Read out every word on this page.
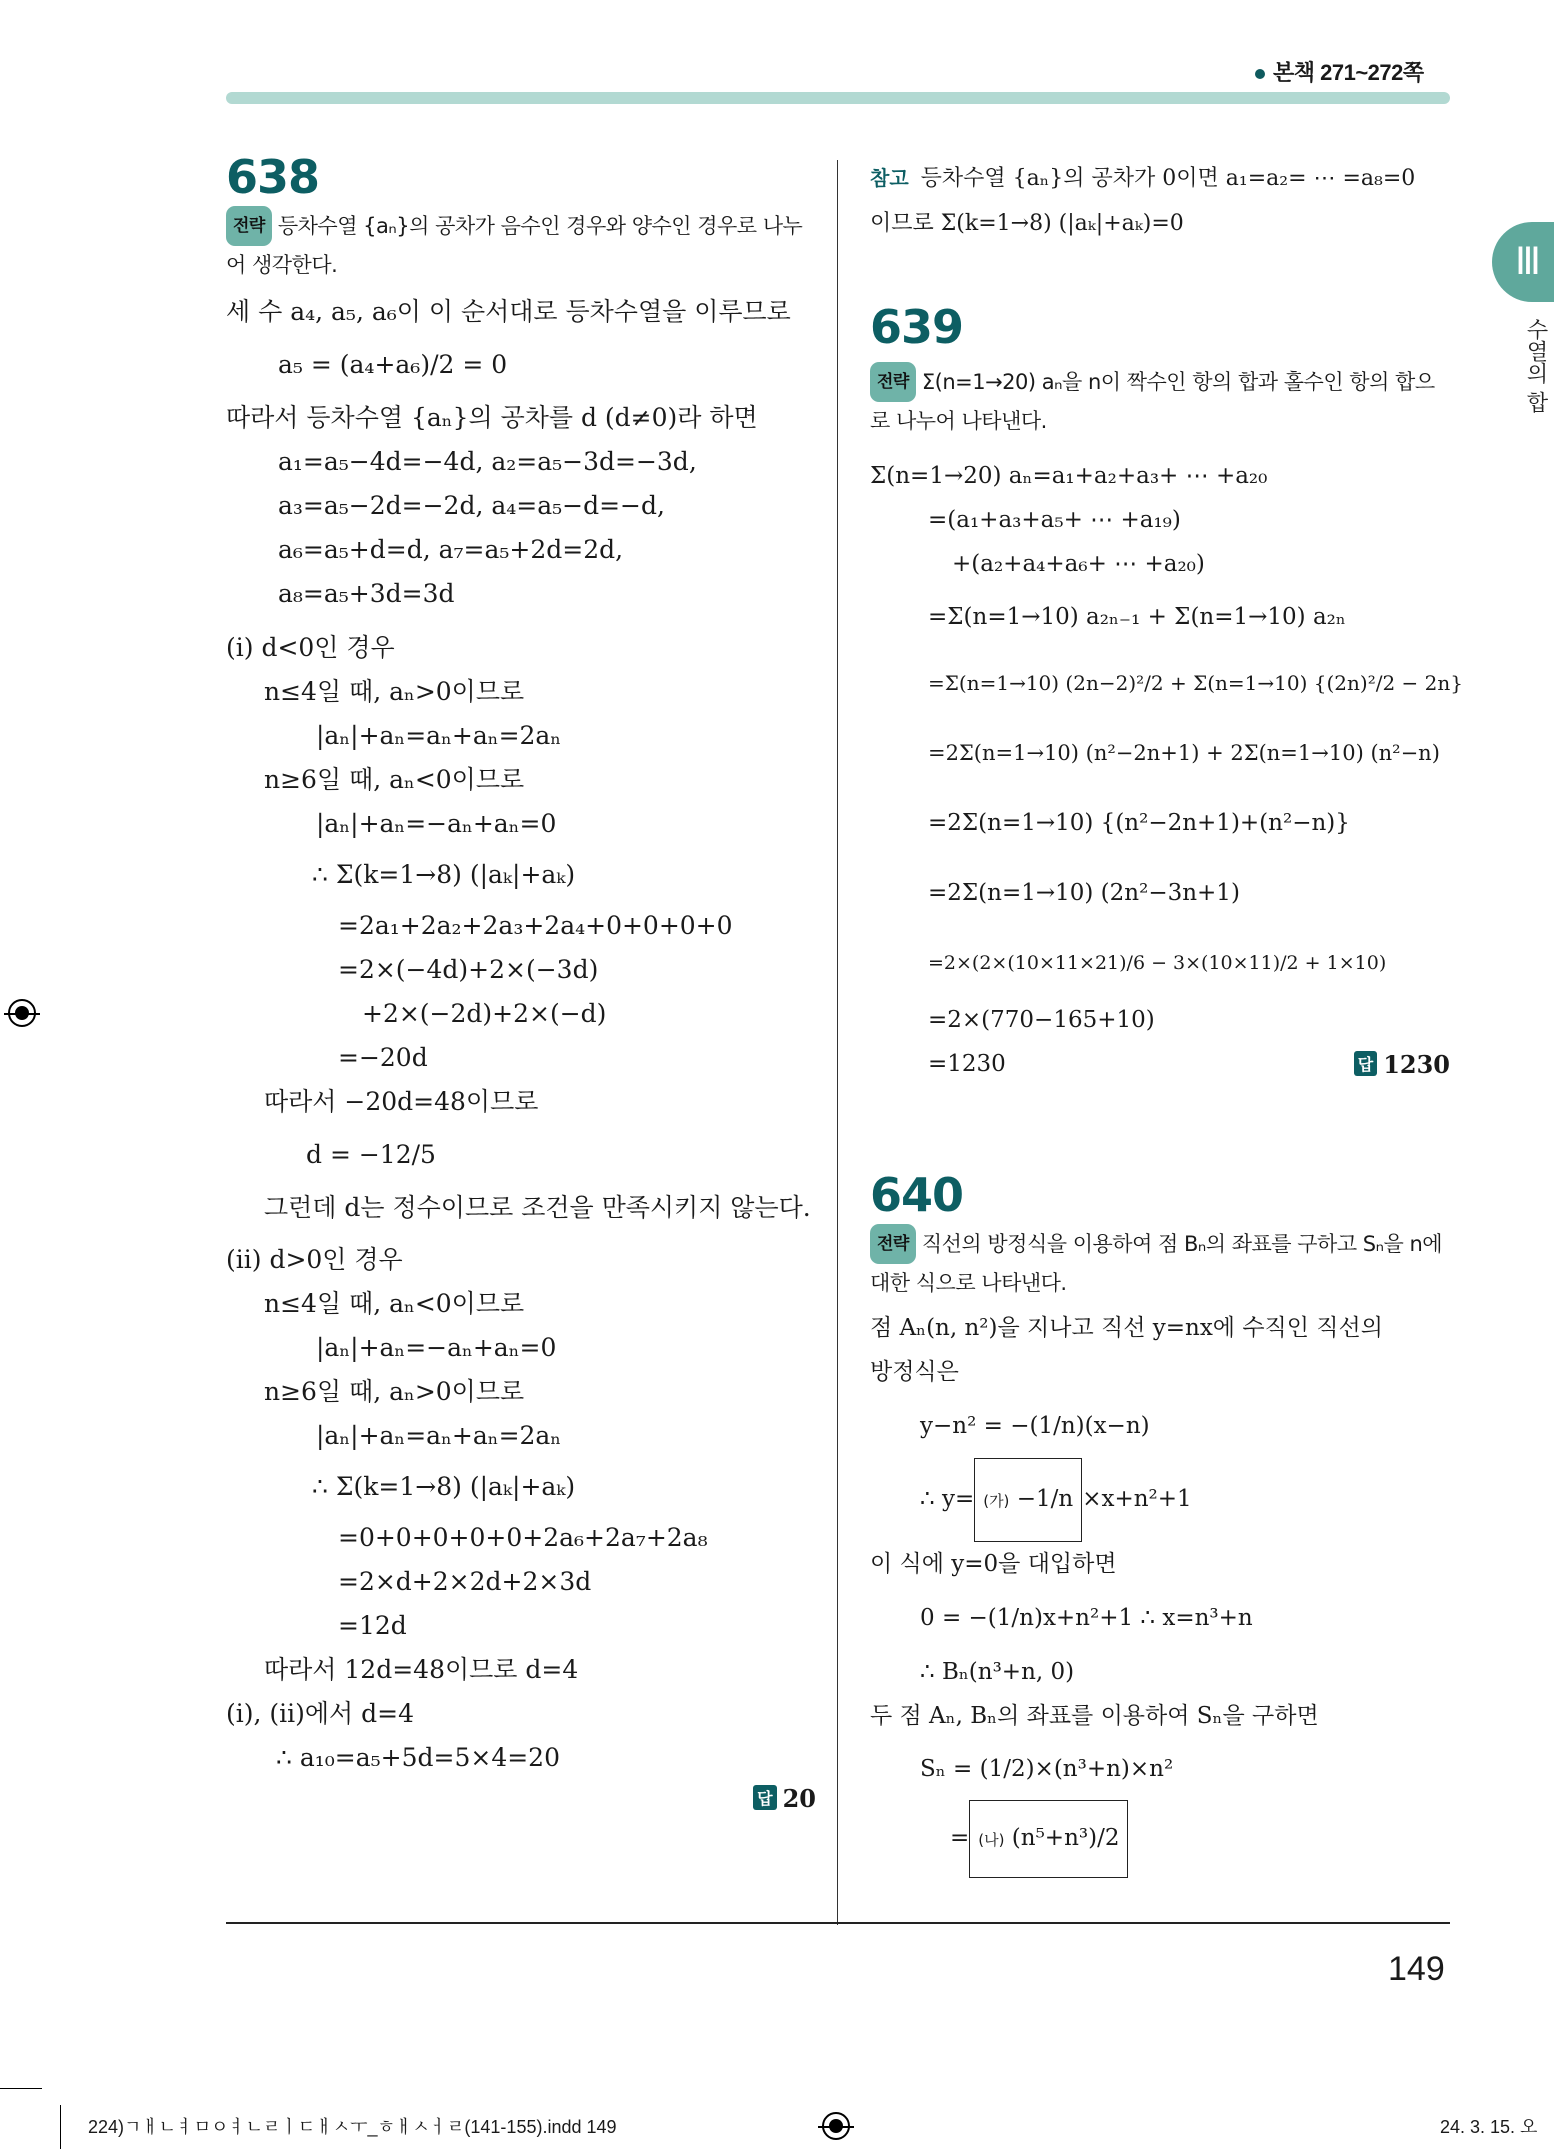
본책 271~272쪽
Ⅲ
수열의 합
638
전략 등차수열 {aₙ}의 공차가 음수인 경우와 양수인 경우로 나누어 생각한다.
세 수 a₄, a₅, a₆이 이 순서대로 등차수열을 이루므로
a₅ = (a₄+a₆)/2 = 0
따라서 등차수열 {aₙ}의 공차를 d (d≠0)라 하면
a₁=a₅−4d=−4d, a₂=a₅−3d=−3d,
a₃=a₅−2d=−2d, a₄=a₅−d=−d,
a₆=a₅+d=d, a₇=a₅+2d=2d,
a₈=a₅+3d=3d
(i) d<0인 경우
n≤4일 때, aₙ>0이므로
|aₙ|+aₙ=aₙ+aₙ=2aₙ
n≥6일 때, aₙ<0이므로
|aₙ|+aₙ=−aₙ+aₙ=0
∴ Σ(k=1→8) (|aₖ|+aₖ)
=2a₁+2a₂+2a₃+2a₄+0+0+0+0
=2×(−4d)+2×(−3d)
+2×(−2d)+2×(−d)
=−20d
따라서 −20d=48이므로
d = −12/5
그런데 d는 정수이므로 조건을 만족시키지 않는다.
(ii) d>0인 경우
n≤4일 때, aₙ<0이므로
|aₙ|+aₙ=−aₙ+aₙ=0
n≥6일 때, aₙ>0이므로
|aₙ|+aₙ=aₙ+aₙ=2aₙ
∴ Σ(k=1→8) (|aₖ|+aₖ)
=0+0+0+0+0+2a₆+2a₇+2a₈
=2×d+2×2d+2×3d
=12d
따라서 12d=48이므로 d=4
(i), (ii)에서 d=4
∴ a₁₀=a₅+5d=5×4=20
답 20
참고 등차수열 {aₙ}의 공차가 0이면 a₁=a₂= ⋯ =a₈=0
이므로 Σ(k=1→8) (|aₖ|+aₖ)=0
639
전략 Σ(n=1→20) aₙ을 n이 짝수인 항의 합과 홀수인 항의 합으로 나누어 나타낸다.
Σ(n=1→20) aₙ=a₁+a₂+a₃+ ⋯ +a₂₀
=(a₁+a₃+a₅+ ⋯ +a₁₉)
+(a₂+a₄+a₆+ ⋯ +a₂₀)
=Σ(n=1→10) a₂ₙ₋₁ + Σ(n=1→10) a₂ₙ
=Σ(n=1→10) (2n−2)²/2 + Σ(n=1→10) {(2n)²/2 − 2n}
=2Σ(n=1→10) (n²−2n+1) + 2Σ(n=1→10) (n²−n)
=2Σ(n=1→10) {(n²−2n+1)+(n²−n)}
=2Σ(n=1→10) (2n²−3n+1)
=2×(2×(10×11×21)/6 − 3×(10×11)/2 + 1×10)
=2×(770−165+10)
=1230	답 1230
640
전략 직선의 방정식을 이용하여 점 Bₙ의 좌표를 구하고 Sₙ을 n에 대한 식으로 나타낸다.
점 Aₙ(n, n²)을 지나고 직선 y=nx에 수직인 직선의
방정식은
y−n² = −(1/n)(x−n)
∴ y= (가) −1/n ×x+n²+1
이 식에 y=0을 대입하면
0 = −(1/n)x+n²+1 ∴ x=n³+n
∴ Bₙ(n³+n, 0)
두 점 Aₙ, Bₙ의 좌표를 이용하여 Sₙ을 구하면
Sₙ = (1/2)×(n³+n)×n²
= (나) (n⁵+n³)/2
149
224)ㄱㅐㄴㅕㅁㅇㅕㄴㄹㅣㄷㅐㅅㅜ_ㅎㅐㅅㅓㄹ(141-155).indd 149	24. 3. 15. 오
